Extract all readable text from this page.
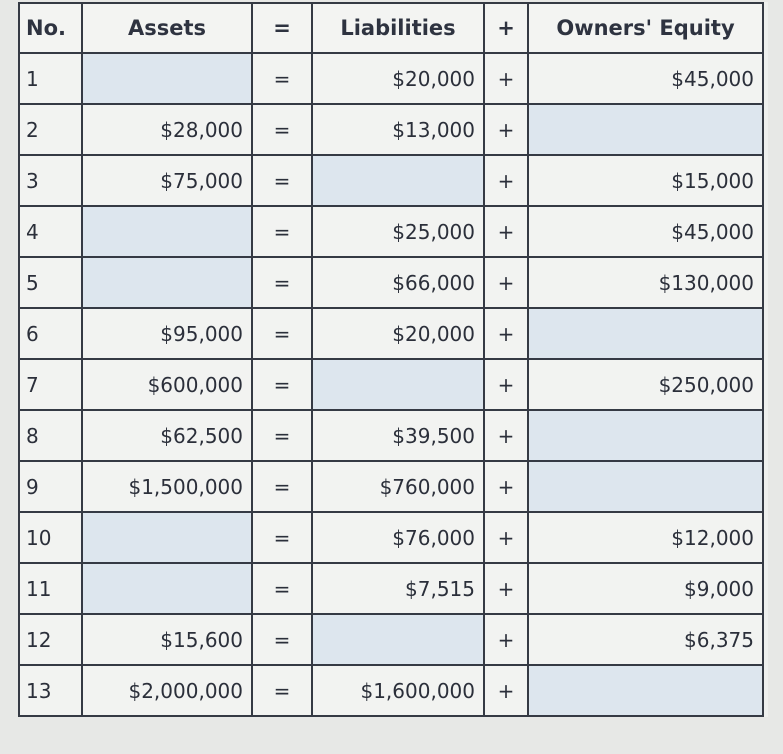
No.	Assets	=	Liabilities	+	Owners' Equity
1		=	$20,000	+	$45,000
2	$28,000	=	$13,000	+	
3	$75,000	=		+	$15,000
4		=	$25,000	+	$45,000
5		=	$66,000	+	$130,000
6	$95,000	=	$20,000	+	
7	$600,000	=		+	$250,000
8	$62,500	=	$39,500	+	
9	$1,500,000	=	$760,000	+	
10		=	$76,000	+	$12,000
11		=	$7,515	+	$9,000
12	$15,600	=		+	$6,375
13	$2,000,000	=	$1,600,000	+	
